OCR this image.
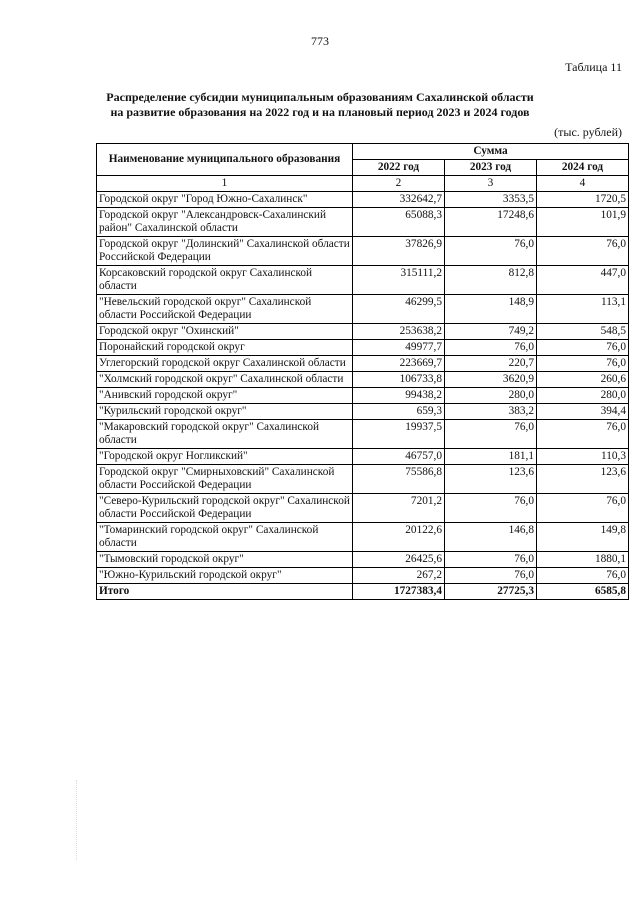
773
Таблица 11
Распределение субсидии муниципальным образованиям Сахалинской области
на развитие образования на 2022 год и на плановый период 2023 и 2024 годов
(тыс. рублей)
Наименование муниципального образования	Сумма		
	2022 год	2023 год	2024 год
1	2	3	4
Городской округ "Город Южно-Сахалинск"	332642,7	3353,5	1720,5
Городской округ "Александровск-Сахалинский район" Сахалинской области	65088,3	17248,6	101,9
Городской округ "Долинский" Сахалинской области Российской Федерации	37826,9	76,0	76,0
Корсаковский городской округ Сахалинской области	315111,2	812,8	447,0
"Невельский городской округ" Сахалинской области Российской Федерации	46299,5	148,9	113,1
Городской округ "Охинский"	253638,2	749,2	548,5
Поронайский городской округ	49977,7	76,0	76,0
Углегорский городской округ Сахалинской области	223669,7	220,7	76,0
"Холмский городской округ" Сахалинской области	106733,8	3620,9	260,6
"Анивский городской округ"	99438,2	280,0	280,0
"Курильский городской округ"	659,3	383,2	394,4
"Макаровский городской округ" Сахалинской области	19937,5	76,0	76,0
"Городской округ Ногликский"	46757,0	181,1	110,3
Городской округ "Смирныховский" Сахалинской области Российской Федерации	75586,8	123,6	123,6
"Северо-Курильский городской округ" Сахалинской области Российской Федерации	7201,2	76,0	76,0
"Томаринский городской округ" Сахалинской области	20122,6	146,8	149,8
"Тымовский городской округ"	26425,6	76,0	1880,1
"Южно-Курильский городской округ"	267,2	76,0	76,0
Итого	1727383,4	27725,3	6585,8
